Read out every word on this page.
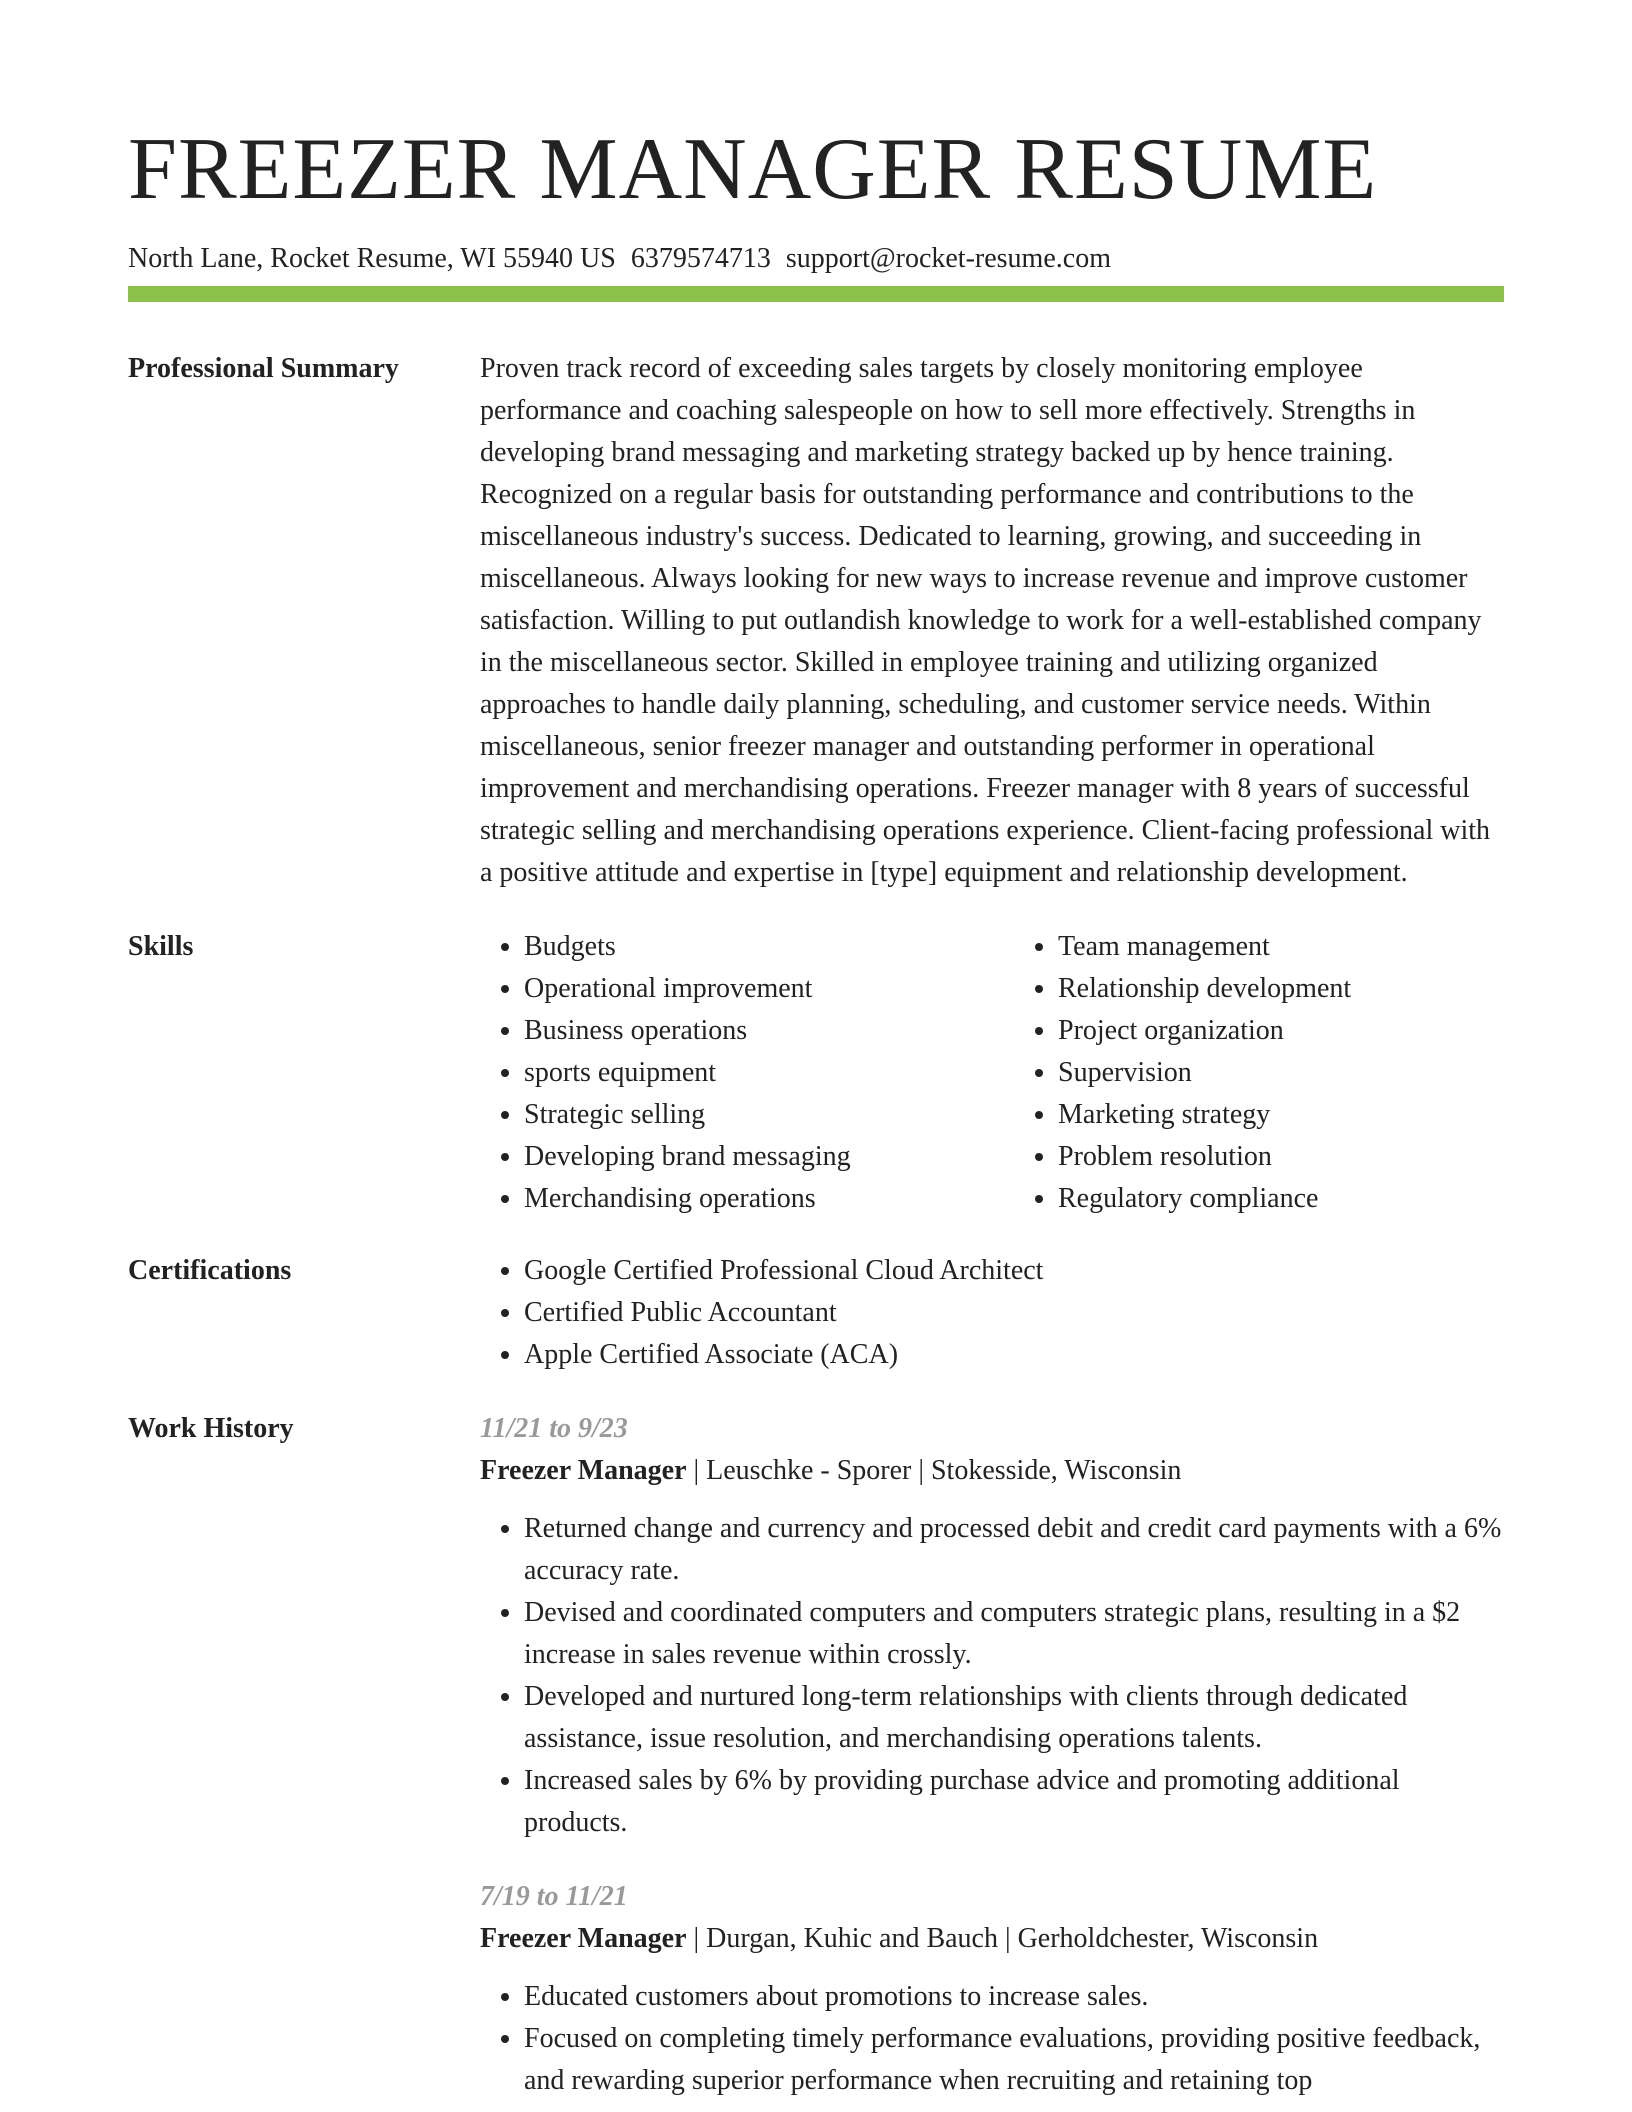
FREEZER MANAGER RESUME
North Lane, Rocket Resume, WI 55940 US 6379574713 support@rocket-resume.com
Professional Summary	Proven track record of exceeding sales targets by closely monitoring employee performance and coaching salespeople on how to sell more effectively. Strengths in developing brand messaging and marketing strategy backed up by hence training. Recognized on a regular basis for outstanding performance and contributions to the miscellaneous industry's success. Dedicated to learning, growing, and succeeding in miscellaneous. Always looking for new ways to increase revenue and improve customer satisfaction. Willing to put outlandish knowledge to work for a well-established company in the miscellaneous sector. Skilled in employee training and utilizing organized approaches to handle daily planning, scheduling, and customer service needs. Within miscellaneous, senior freezer manager and outstanding performer in operational improvement and merchandising operations. Freezer manager with 8 years of successful strategic selling and merchandising operations experience. Client-facing professional with a positive attitude and expertise in [type] equipment and relationship development.

Skills	• Budgets
• Operational improvement
• Business operations
• sports equipment
• Strategic selling
• Developing brand messaging
• Merchandising operations
• Team management
• Relationship development
• Project organization
• Supervision
• Marketing strategy
• Problem resolution
• Regulatory compliance
Certifications	• Google Certified Professional Cloud Architect
• Certified Public Accountant
• Apple Certified Associate (ACA)
Work History	11/21 to 9/23
Freezer Manager | Leuschke - Sporer | Stokesside, Wisconsin
• Returned change and currency and processed debit and credit card payments with a 6% accuracy rate.
• Devised and coordinated computers and computers strategic plans, resulting in a $2 increase in sales revenue within crossly.
• Developed and nurtured long-term relationships with clients through dedicated assistance, issue resolution, and merchandising operations talents.
• Increased sales by 6% by providing purchase advice and promoting additional products.
7/19 to 11/21
Freezer Manager | Durgan, Kuhic and Bauch | Gerholdchester, Wisconsin
• Educated customers about promotions to increase sales.
• Focused on completing timely performance evaluations, providing positive feedback, and rewarding superior performance when recruiting and retaining top
